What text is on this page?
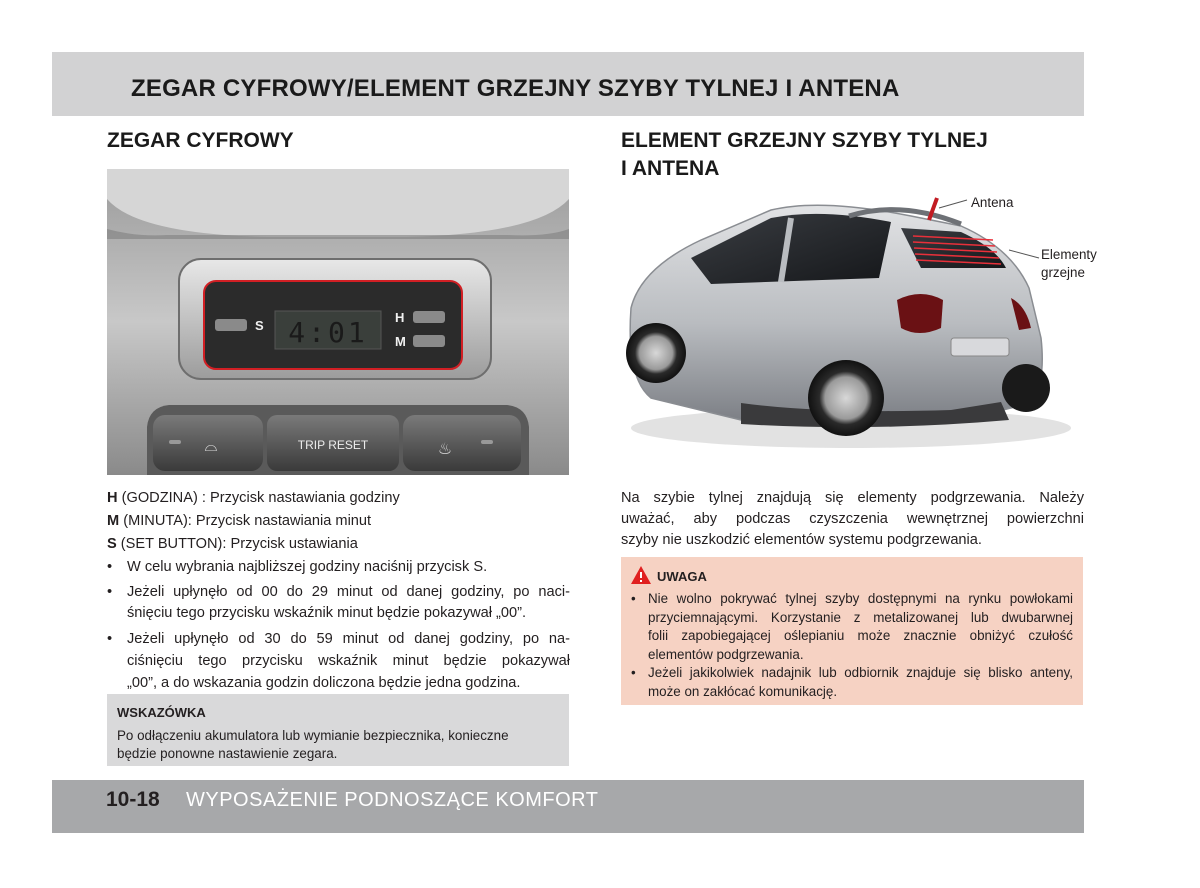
ZEGAR CYFROWY/ELEMENT GRZEJNY SZYBY TYLNEJ I ANTENA
ZEGAR CYFROWY
S 4:01 H
M
⌓	TRIP RESET	♨
H (GODZINA) : Przycisk nastawiania godziny
M (MINUTA): Przycisk nastawiania minut
S (SET BUTTON): Przycisk ustawiania
• W celu wybrania najbliższej godziny naciśnij przycisk S.
• Jeżeli upłynęło od 00 do 29 minut od danej godziny, po naci-
śnięciu tego przycisku wskaźnik minut będzie pokazywał „00”.
• Jeżeli upłynęło od 30 do 59 minut od danej godziny, po na-
ciśnięciu tego przycisku wskaźnik minut będzie pokazywał
„00”, a do wskazania godzin doliczona będzie jedna godzina.
WSKAZÓWKA
Po odłączeniu akumulatora lub wymianie bezpiecznika, konieczne
będzie ponowne nastawienie zegara.
ELEMENT GRZEJNY SZYBY TYLNEJ
I ANTENA
Antena
Elementy
grzejne
Na szybie tylnej znajdują się elementy podgrzewania. Należy
uważać, aby podczas czyszczenia wewnętrznej powierzchni
szyby nie uszkodzić elementów systemu podgrzewania.
UWAGA
• Nie wolno pokrywać tylnej szyby dostępnymi na rynku powłokami
przyciemnającymi. Korzystanie z metalizowanej lub dwubarwnej
folii zapobiegającej oślepianiu może znacznie obniżyć czułość
elementów podgrzewania.
• Jeżeli jakikolwiek nadajnik lub odbiornik znajduje się blisko anteny,
może on zakłócać komunikację.
10-18 WYPOSAŻENIE PODNOSZĄCE KOMFORT
